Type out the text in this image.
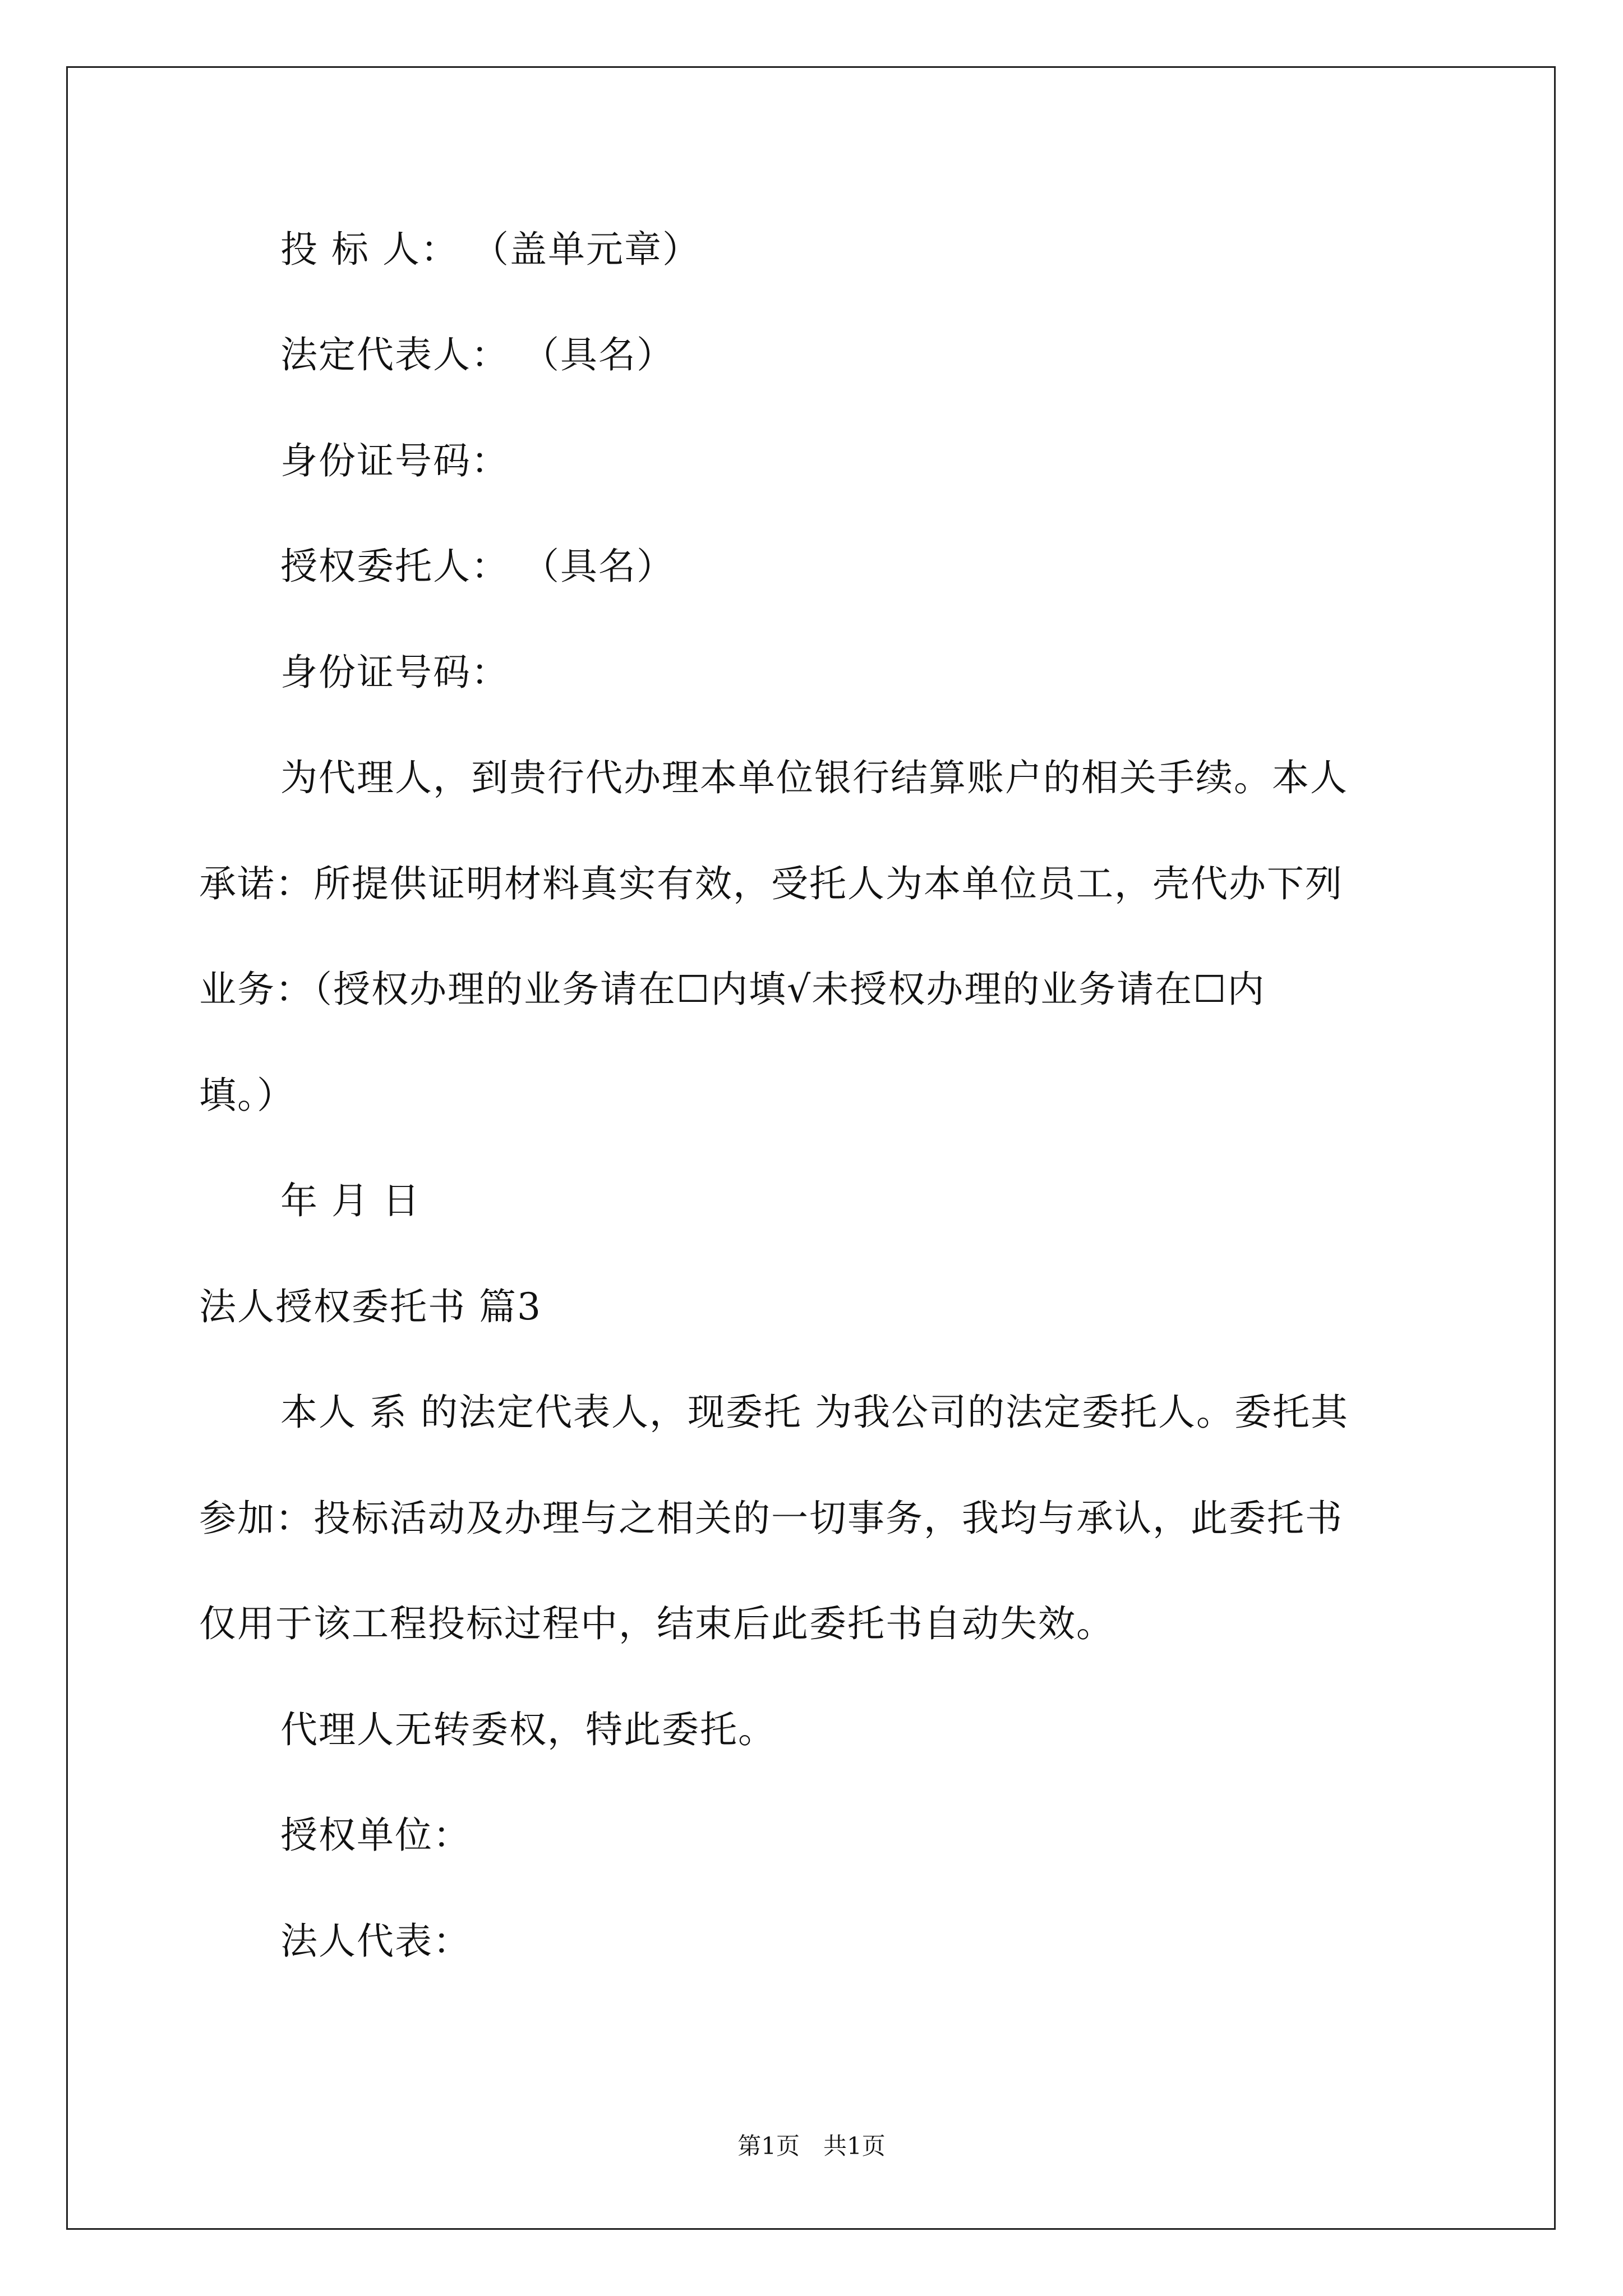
投 标 人： （盖单元章）
法定代表人： （具名）
身份证号码：
授权委托人： （具名）
身份证号码：
为代理人，到贵行代办理本单位银行结算账户的相关手续。本人
承诺：所提供证明材料真实有效，受托人为本单位员工，壳代办下列
业务：（授权办理的业务请在☐内填√未授权办理的业务请在☐内
填。）
年 月 日
法人授权委托书 篇3
本人 系 的法定代表人，现委托 为我公司的法定委托人。委托其
参加：投标活动及办理与之相关的一切事务，我均与承认，此委托书
仅用于该工程投标过程中，结束后此委托书自动失效。
代理人无转委权，特此委托。
授权单位：
法人代表：
第1页　共1页
